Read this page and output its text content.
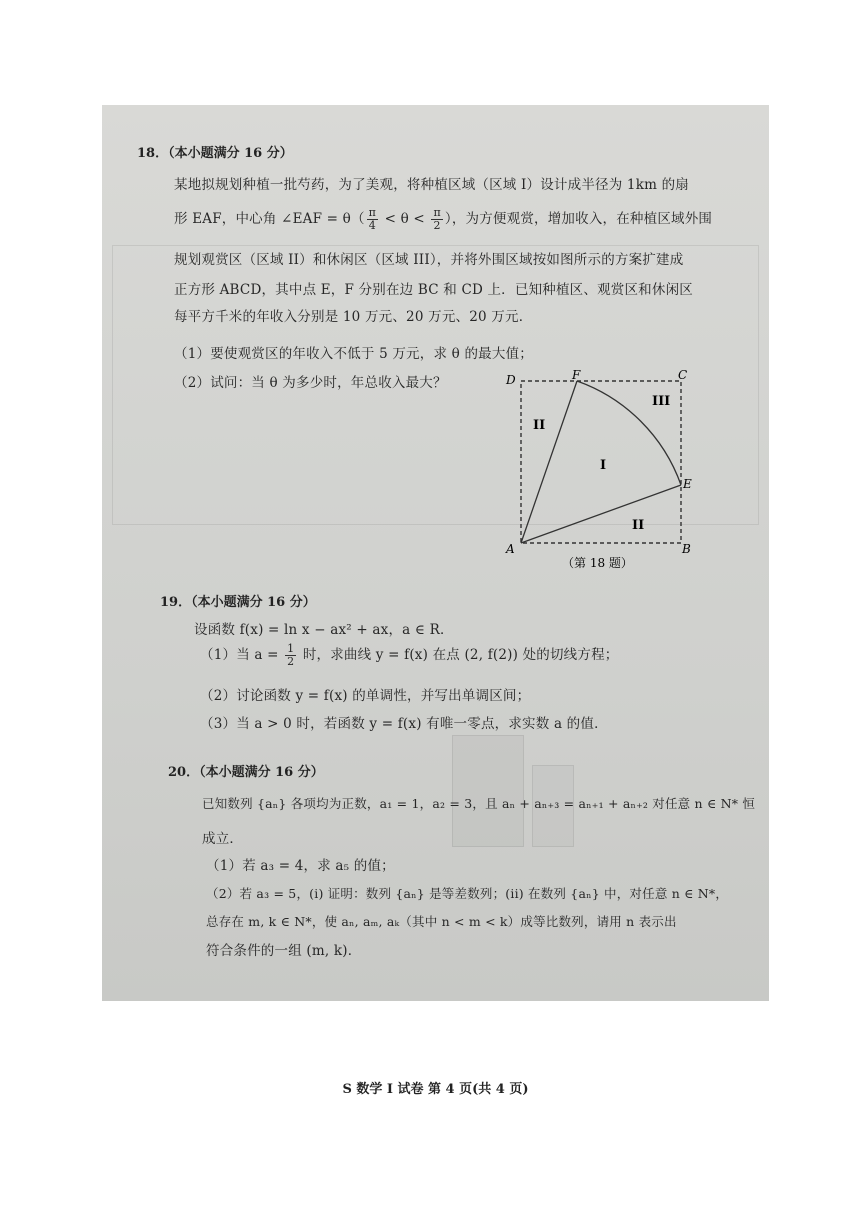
18．（本小题满分 16 分）
某地拟规划种植一批芍药，为了美观，将种植区域（区域 I）设计成半径为 1km 的扇
形 EAF，中心角 ∠EAF = $\theta( \frac{\pi}{4} < \theta < \frac{\pi}{2}$ ），为方便观赏，增加收入，在种植区域外围
规划观赏区（区域 II）和休闲区（区域 III），并将外围区域按如图所示的方案扩建成
正方形 ABCD，其中点 E，F 分别在边 BC 和 CD 上．已知种植区、观赏区和休闲区
每平方千米的年收入分别是 10 万元、20 万元、20 万元．
（1）要使观赏区的年收入不低于 5 万元，求 θ 的最大值；
（2）试问：当 θ 为多少时，年总收入最大？	D	F	C
E
A	B
II
III
I
II
（第 18 题）
19．（本小题满分 16 分）
设函数 f(x) = ln x − ax² + ax，a ∈ R．
（1）当 $a = \frac{1}{2}$ 时，求曲线 y = f(x) 在点 (2, f(2)) 处的切线方程；
（2）讨论函数 y = f(x) 的单调性，并写出单调区间；
（3）当 a > 0 时，若函数 y = f(x) 有唯一零点，求实数 a 的值．
20．（本小题满分 16 分）
已知数列 {aₙ} 各项均为正数，a₁ = 1，a₂ = 3，且 aₙ + aₙ₊₃ = aₙ₊₁ + aₙ₊₂ 对任意 n ∈ N* 恒
成立．
（1）若 a₃ = 4，求 a₅ 的值；
（2）若 a₃ = 5，(i) 证明：数列 {aₙ} 是等差数列；(ii) 在数列 {aₙ} 中，对任意 n ∈ N*，
总存在 m, k ∈ N*，使 aₙ, aₘ, aₖ（其中 n < m < k）成等比数列，请用 n 表示出
符合条件的一组 (m, k)．
S 数学 I 试卷 第 4 页(共 4 页)
